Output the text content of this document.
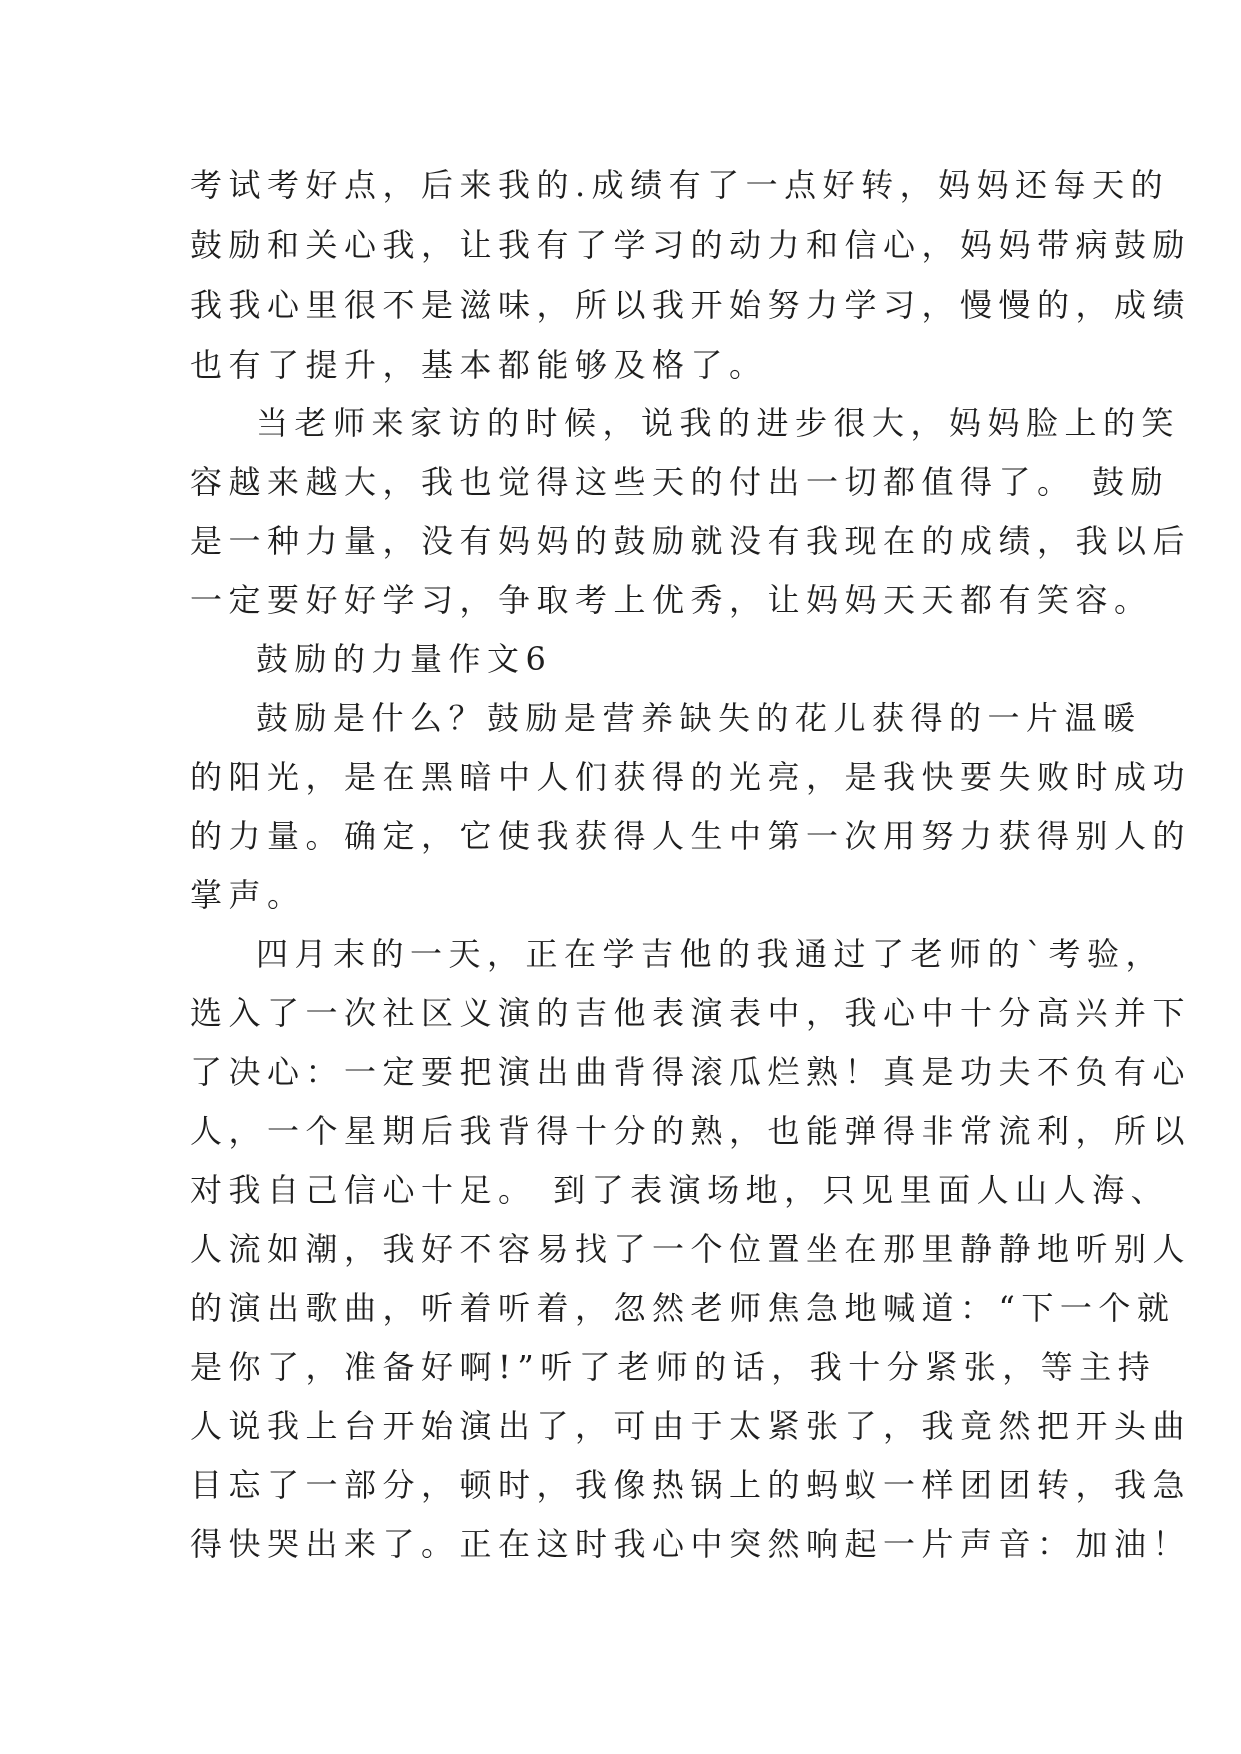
考试考好点，后来我的.成绩有了一点好转，妈妈还每天的
鼓励和关心我，让我有了学习的动力和信心，妈妈带病鼓励
我我心里很不是滋味，所以我开始努力学习，慢慢的，成绩
也有了提升，基本都能够及格了。
当老师来家访的时候，说我的进步很大，妈妈脸上的笑
容越来越大，我也觉得这些天的付出一切都值得了。 鼓励
是一种力量，没有妈妈的鼓励就没有我现在的成绩，我以后
一定要好好学习，争取考上优秀，让妈妈天天都有笑容。
鼓励的力量作文6
鼓励是什么？鼓励是营养缺失的花儿获得的一片温暖
的阳光，是在黑暗中人们获得的光亮，是我快要失败时成功
的力量。确定，它使我获得人生中第一次用努力获得别人的
掌声。
四月末的一天，正在学吉他的我通过了老师的`考验，
选入了一次社区义演的吉他表演表中，我心中十分高兴并下
了决心：一定要把演出曲背得滚瓜烂熟！真是功夫不负有心
人，一个星期后我背得十分的熟，也能弹得非常流利，所以
对我自己信心十足。 到了表演场地，只见里面人山人海、
人流如潮，我好不容易找了一个位置坐在那里静静地听别人
的演出歌曲，听着听着，忽然老师焦急地喊道：“下一个就
是你了，准备好啊!”听了老师的话，我十分紧张，等主持
人说我上台开始演出了，可由于太紧张了，我竟然把开头曲
目忘了一部分，顿时，我像热锅上的蚂蚁一样团团转，我急
得快哭出来了。正在这时我心中突然响起一片声音：加油！
